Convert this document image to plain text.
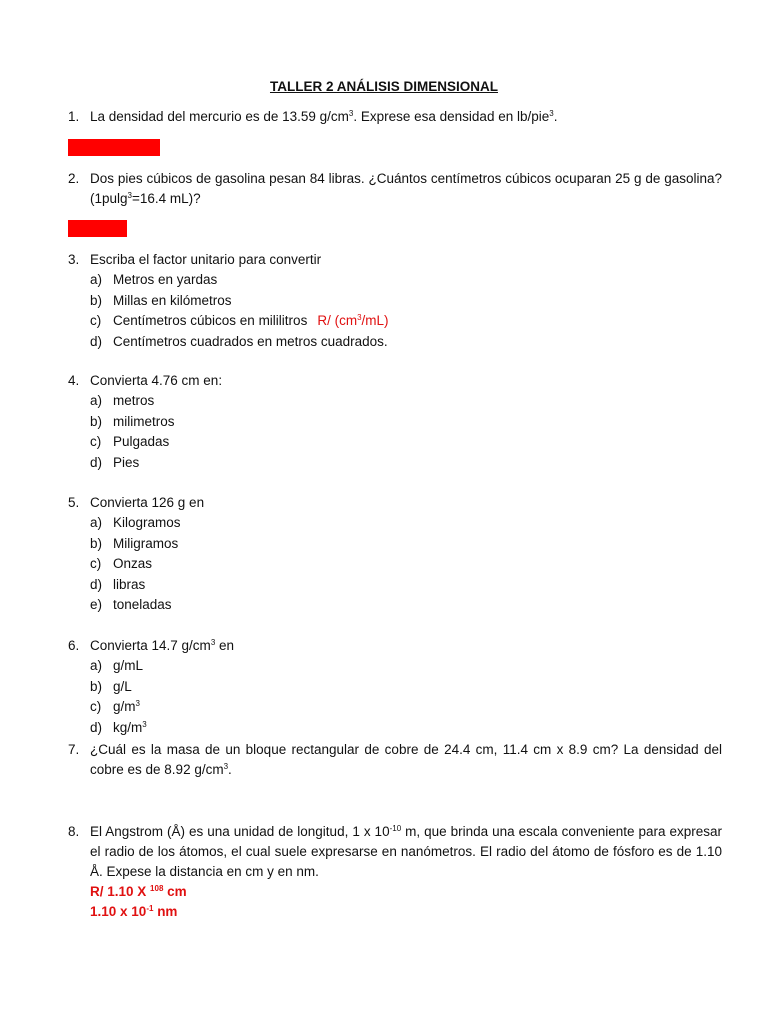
TALLER 2 ANÁLISIS DIMENSIONAL
1. La densidad del mercurio es de 13.59 $g/cm^3$. Exprese esa densidad en lb/pie$^3$.
2. Dos pies cúbicos de gasolina pesan 84 libras. ¿Cuántos centímetros cúbicos ocuparan 25 g de gasolina? (1pulg$^3$=16.4 mL)?
3. Escriba el factor unitario para convertir
a) Metros en yardas
b) Millas en kilómetros
c) Centímetros cúbicos en mililitros R/ $(cm^3/mL)$
d) Centímetros cuadrados en metros cuadrados.
4. Convierta 4.76 cm en:
a) metros
b) milimetros
c) Pulgadas
d) Pies
5. Convierta 126 g en
a) Kilogramos
b) Miligramos
c) Onzas
d) libras
e) toneladas
6. Convierta 14.7 $g/cm^3$ en
a) g/mL
b) g/L
c) $g/m^3$
d) $kg/m^3$
7. ¿Cuál es la masa de un bloque rectangular de cobre de 24.4 cm, 11.4 cm x 8.9 cm? La densidad del cobre es de 8.92 $g/cm^3$.
8. El Angstrom (Å) es una unidad de longitud, 1 x $10^{-10}$ m, que brinda una escala conveniente para expresar el radio de los átomos, el cual suele expresarse en nanómetros. El radio del átomo de fósforo es de 1.10 Å. Expese la distancia en cm y en nm.
R/ 1.10 X $^{108}$ cm
1.10 x $10^{-1}$ nm
